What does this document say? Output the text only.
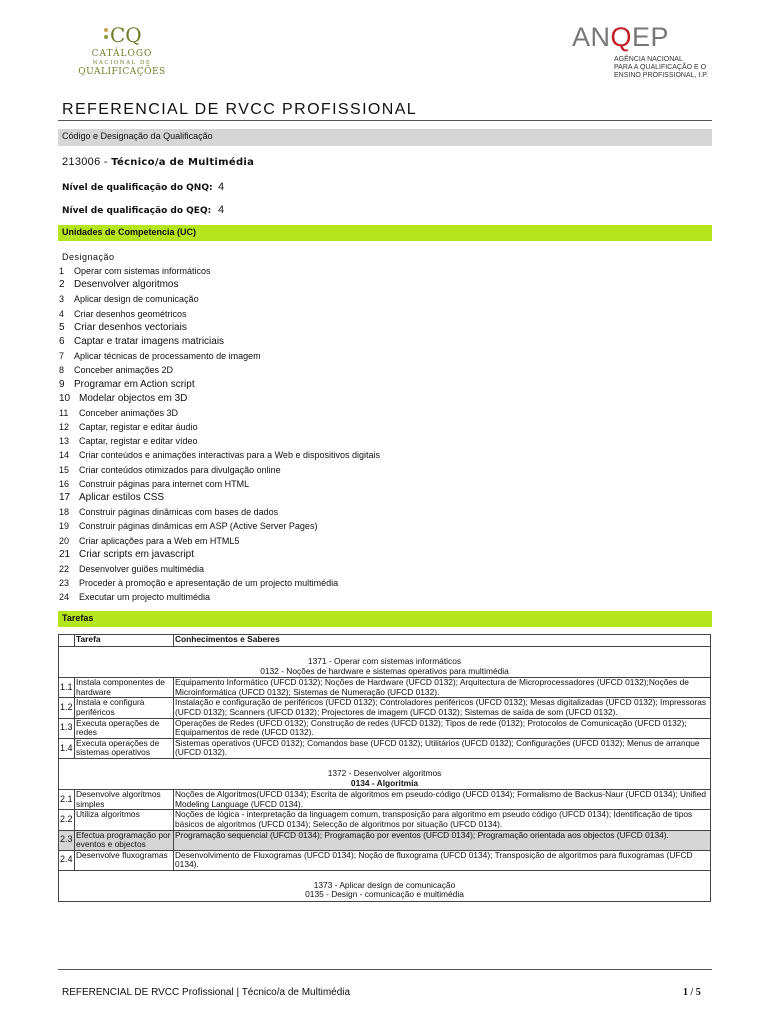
CQ
CATÁLOGO
NACIONAL DE
QUALIFICAÇÕES
ANQEP
AGÊNCIA NACIONAL
PARA A QUALIFICAÇÃO E O
ENSINO PROFISSIONAL, I.P.
REFERENCIAL DE RVCC PROFISSIONAL
Código e Designação da Qualificação
213006 - Técnico/a de Multimédia
Nível de qualificação do QNQ: 4
Nível de qualificação do QEQ: 4
Unidades de Competencia (UC)
Designação
1 Operar com sistemas informáticos
2 Desenvolver algoritmos
3 Aplicar design de comunicação
4 Criar desenhos geométricos
5 Criar desenhos vectoriais
6 Captar e tratar imagens matriciais
7 Aplicar técnicas de processamento de imagem
8 Conceber animações 2D
9 Programar em Action script
10 Modelar objectos em 3D
11 Conceber animações 3D
12 Captar, registar e editar áudio
13 Captar, registar e editar vídeo
14 Criar conteúdos e animações interactivas para a Web e dispositivos digitais
15 Criar conteúdos otimizados para divulgação online
16 Construir páginas para internet com HTML
17 Aplicar estilos CSS
18 Construir páginas dinâmicas com bases de dados
19 Construir páginas dinâmicas em ASP (Active Server Pages)
20 Criar aplicações para a Web em HTML5
21 Criar scripts em javascript
22 Desenvolver guiões multimédia
23 Proceder à promoção e apresentação de um projecto multimédia
24 Executar um projecto multimédia
Tarefas
	Tarefa	Conhecimentos e Saberes

1371 - Operar com sistemas informáticos
0132 - Noções de hardware e sistemas operativos para multimédia		

1.1	Instala componentes de hardware	Equipamento Informático (UFCD 0132); Noções de Hardware (UFCD 0132); Arquitectura de Microprocessadores (UFCD 0132);Noções de Microinformática (UFCD 0132); Sistemas de Numeração (UFCD 0132).
1.2	Instala e configura periféricos	Instalação e configuração de periféricos (UFCD 0132); Controladores periféricos (UFCD 0132); Mesas digitalizadas (UFCD 0132); Impressoras (UFCD 0132); Scanners (UFCD 0132); Projectores de imagem (UFCD 0132); Sistemas de saída de som (UFCD 0132).
1.3	Executa operações de redes	Operações de Redes (UFCD 0132); Construção de redes (UFCD 0132); Tipos de rede (0132); Protocolos de Comunicação (UFCD 0132); Equipamentos de rede (UFCD 0132).
1.4	Executa operações de sistemas operativos	Sistemas operativos (UFCD 0132); Comandos base (UFCD 0132); Utilitários (UFCD 0132); Configurações (UFCD 0132); Menus de arranque (UFCD 0132).

1372 - Desenvolver algoritmos
0134 - Algoritmia		

2.1	Desenvolve algoritmos simples	Noções de Algoritmos(UFCD 0134); Escrita de algoritmos em pseudo-código (UFCD 0134); Formalismo de Backus-Naur (UFCD 0134); Unified Modeling Language (UFCD 0134).
2.2	Utiliza algoritmos	Noções de lógica - interpretação da linguagem comum, transposição para algoritmo em pseudo código (UFCD 0134); Identificação de tipos básicos de algoritmos (UFCD 0134); Selecção de algoritmos por situação (UFCD 0134).
2.3	Efectua programação por eventos e objectos	Programação sequencial (UFCD 0134); Programação por eventos (UFCD 0134); Programação orientada aos objectos (UFCD 0134).
2.4	Desenvolve fluxogramas	Desenvolvimento de Fluxogramas (UFCD 0134); Noção de fluxograma (UFCD 0134); Transposição de algoritmos para fluxogramas (UFCD 0134).

1373 - Aplicar design de comunicação
0135 - Design - comunicação e multimédia		
REFERENCIAL DE RVCC Profissional | Técnico/a de Multimédia	1 / 5
